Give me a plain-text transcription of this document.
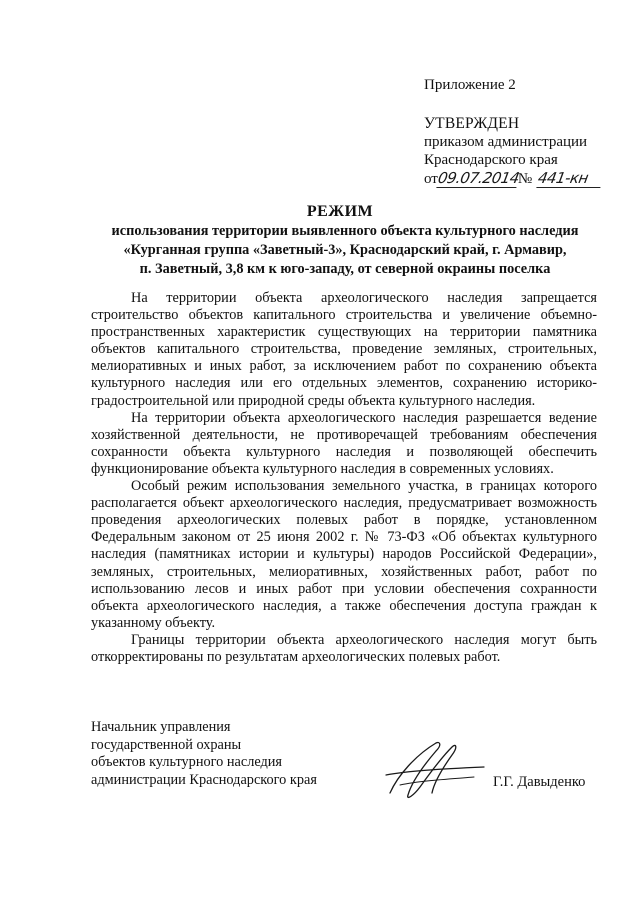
Приложение 2
УТВЕРЖДЕН
приказом администрации
Краснодарского края
от09.07.2014№ 441-кн
РЕЖИМ
использования территории выявленного объекта культурного наследия
«Курганная группа «Заветный-3», Краснодарский край, г. Армавир,
п. Заветный, 3,8 км к юго-западу, от северной окраины поселка

На территории объекта археологического наследия запрещается строительство объектов капитального строительства и увеличение объемно-пространственных характеристик существующих на территории памятника объектов капитального строительства, проведение земляных, строительных, мелиоративных и иных работ, за исключением работ по сохранению объекта культурного наследия или его отдельных элементов, сохранению историко-градостроительной или природной среды объекта культурного наследия.

На территории объекта археологического наследия разрешается ведение хозяйственной деятельности, не противоречащей требованиям обеспечения сохранности объекта культурного наследия и позволяющей обеспечить функционирование объекта культурного наследия в современных условиях.

Особый режим использования земельного участка, в границах которого располагается объект археологического наследия, предусматривает возможность проведения археологических полевых работ в порядке, установленном Федеральным законом от 25 июня 2002 г. № 73-ФЗ «Об объектах культурного наследия (памятниках истории и культуры) народов Российской Федерации», земляных, строительных, мелиоративных, хозяйственных работ, работ по использованию лесов и иных работ при условии обеспечения сохранности объекта археологического наследия, а также обеспечения доступа граждан к указанному объекту.

Границы территории объекта археологического наследия могут быть откорректированы по результатам археологических полевых работ.

Начальник управления
государственной охраны
объектов культурного наследия
администрации Краснодарского края	Г.Г. Давыденко
